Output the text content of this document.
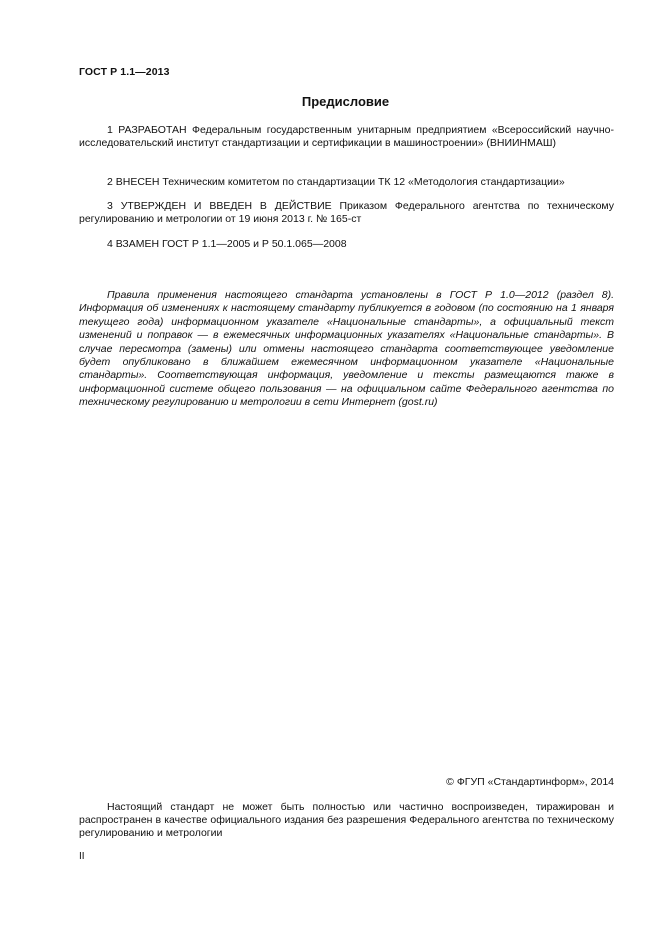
ГОСТ Р 1.1—2013
Предисловие

1 РАЗРАБОТАН Федеральным государственным унитарным предприятием «Всероссийский научно-исследовательский институт стандартизации и сертификации в машиностроении» (ВНИИНМАШ)

2 ВНЕСЕН Техническим комитетом по стандартизации ТК 12 «Методология стандартизации»

3 УТВЕРЖДЕН И ВВЕДЕН В ДЕЙСТВИЕ Приказом Федерального агентства по техническому регулированию и метрологии от 19 июня 2013 г. № 165-ст

4 ВЗАМЕН ГОСТ Р 1.1—2005 и Р 50.1.065—2008

Правила применения настоящего стандарта установлены в ГОСТ Р 1.0—2012 (раздел 8). Информация об изменениях к настоящему стандарту публикуется в годовом (по состоянию на 1 января текущего года) информационном указателе «Национальные стандарты», а официальный текст изменений и поправок — в ежемесячных информационных указателях «Национальные стандарты». В случае пересмотра (замены) или отмены настоящего стандарта соответствующее уведомление будет опубликовано в ближайшем ежемесячном информационном указателе «Национальные стандарты». Соответствующая информация, уведомление и тексты размещаются также в информационной системе общего пользования — на официальном сайте Федерального агентства по техническому регулированию и метрологии в сети Интернет (gost.ru)

© ФГУП «Стандартинформ», 2014

Настоящий стандарт не может быть полностью или частично воспроизведен, тиражирован и распространен в качестве официального издания без разрешения Федерального агентства по техническому регулированию и метрологии

II
